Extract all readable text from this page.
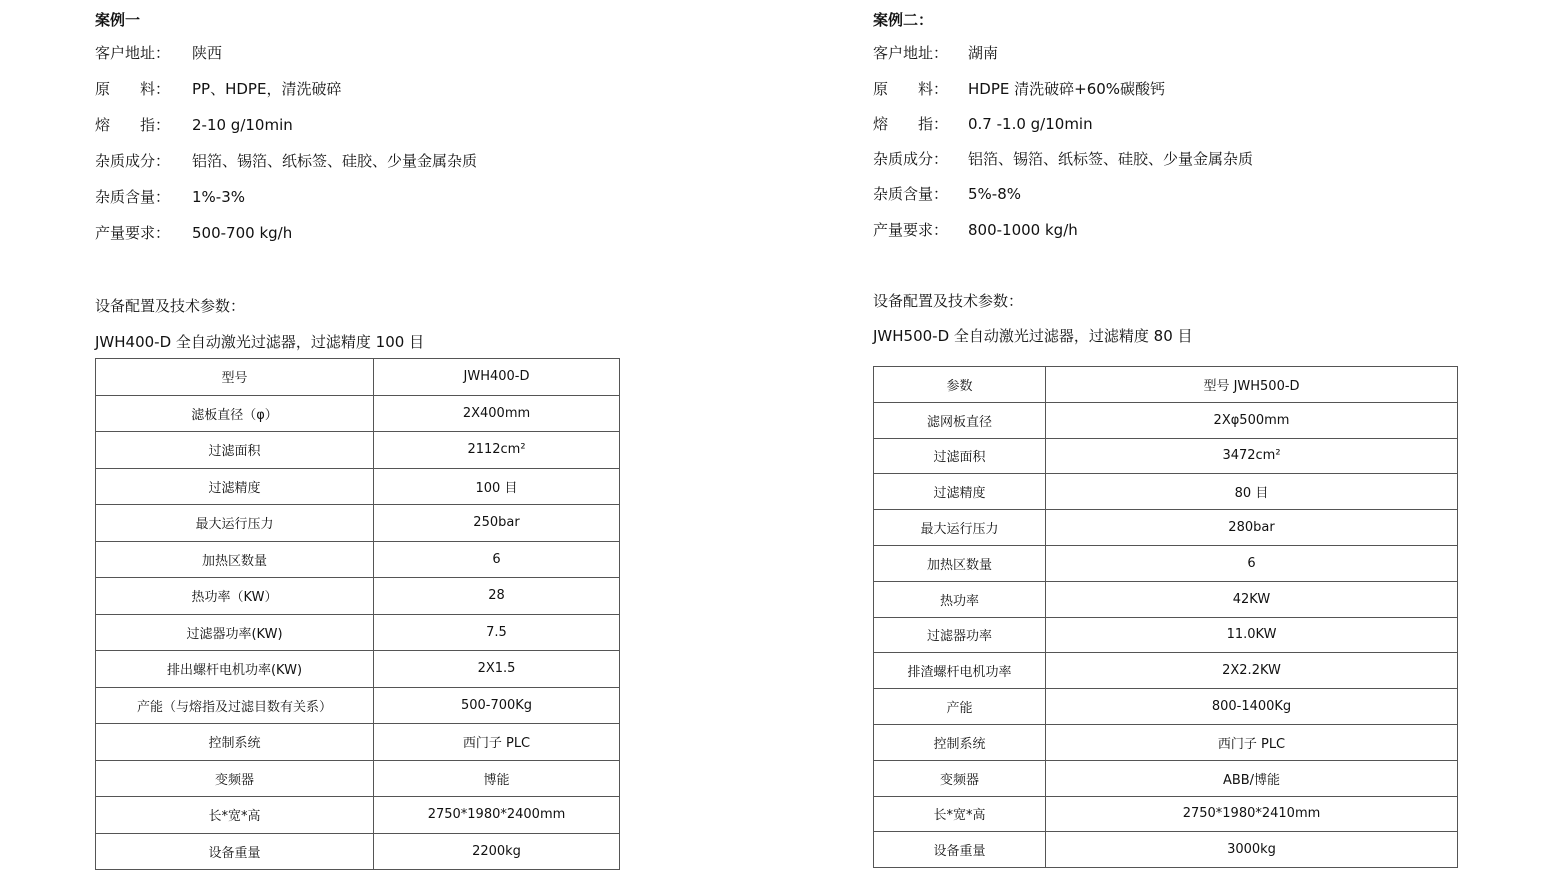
案例一
客户地址： 陕西
原　　料： PP、HDPE，清洗破碎
熔　　指： 2-10 g/10min
杂质成分： 铝箔、锡箔、纸标签、硅胶、少量金属杂质
杂质含量： 1%-3%
产量要求： 500-700 kg/h
设备配置及技术参数：
JWH400-D 全自动激光过滤器，过滤精度 100 目
型号	JWH400-D
滤板直径（φ）	2X400mm
过滤面积	2112cm²
过滤精度	100 目
最大运行压力	250bar
加热区数量	6
热功率（KW）	28
过滤器功率(KW)	7.5
排出螺杆电机功率(KW)	2X1.5
产能（与熔指及过滤目数有关系）	500-700Kg
控制系统	西门子 PLC
变频器	博能
长*宽*高	2750*1980*2400mm
设备重量	2200kg
案例二：
客户地址： 湖南
原　　料： HDPE 清洗破碎+60%碳酸钙
熔　　指： 0.7 -1.0 g/10min
杂质成分： 铝箔、锡箔、纸标签、硅胶、少量金属杂质
杂质含量： 5%-8%
产量要求： 800-1000 kg/h
设备配置及技术参数：
JWH500-D 全自动激光过滤器，过滤精度 80 目
参数	型号 JWH500-D
滤网板直径	2Xφ500mm
过滤面积	3472cm²
过滤精度	80 目
最大运行压力	280bar
加热区数量	6
热功率	42KW
过滤器功率	11.0KW
排渣螺杆电机功率	2X2.2KW
产能	800-1400Kg
控制系统	西门子 PLC
变频器	ABB/博能
长*宽*高	2750*1980*2410mm
设备重量	3000kg
